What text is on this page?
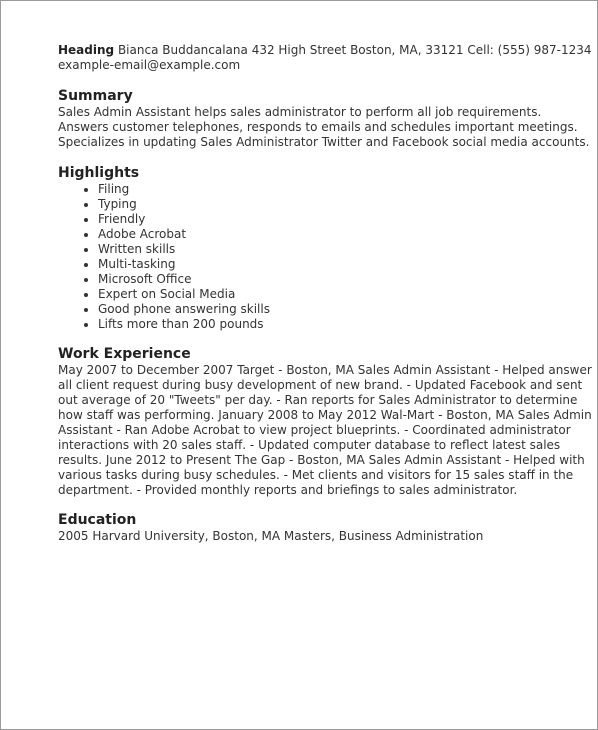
Heading Bianca Buddancalana 432 High Street Boston, MA, 33121 Cell: (555) 987-1234 example-email@example.com

Summary

Sales Admin Assistant helps sales administrator to perform all job requirements. Answers customer telephones, responds to emails and schedules important meetings. Specializes in updating Sales Administrator Twitter and Facebook social media accounts.

Highlights
• Filing
• Typing
• Friendly
• Adobe Acrobat
• Written skills
• Multi-tasking
• Microsoft Office
• Expert on Social Media
• Good phone answering skills
• Lifts more than 200 pounds
Work Experience

May 2007 to December 2007 Target - Boston, MA Sales Admin Assistant - Helped answer all client request during busy development of new brand. - Updated Facebook and sent out average of 20 "Tweets" per day. - Ran reports for Sales Administrator to determine how staff was performing. January 2008 to May 2012 Wal-Mart - Boston, MA Sales Admin Assistant - Ran Adobe Acrobat to view project blueprints. - Coordinated administrator interactions with 20 sales staff. - Updated computer database to reflect latest sales results. June 2012 to Present The Gap - Boston, MA Sales Admin Assistant - Helped with various tasks during busy schedules. - Met clients and visitors for 15 sales staff in the department. - Provided monthly reports and briefings to sales administrator.

Education

2005 Harvard University, Boston, MA Masters, Business Administration
